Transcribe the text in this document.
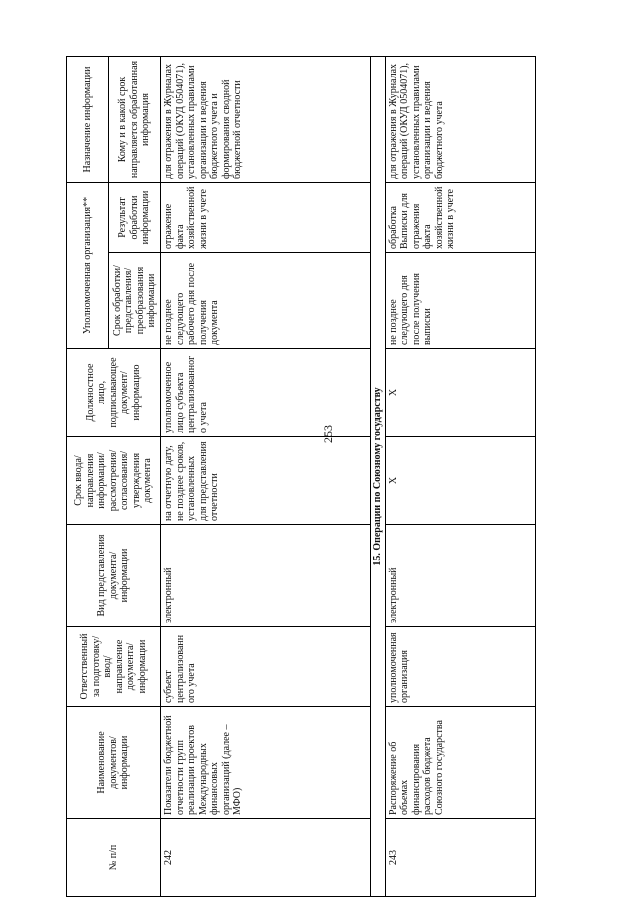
253
№ п/п	Наименование документов/информации	Ответственный за подготовку/ ввод/ направление документа/ информации	Вид представления документа/ информации	Срок ввода/ направления информации/ рассмотрения/ согласования/ утверждения документа	Должностное лицо, подписывающее документ/ информацию	Уполномоченная организация**		Назначение информации
						Срок обработки/ представления/ преобразования информации	Результат обработки информации	Кому и в какой срок направляется обработанная информация
242	Показатели бюджетной отчетности групп реализации проектов Международных финансовых организаций (далее – МФО)	субъект централизованного учета	электронный	на отчетную дату, не позднее сроков, установленных для представления отчетности	уполномоченное лицо субъекта централизованного учета	не позднее следующего рабочего дня после получения документа	отражение факта хозяйственной жизни в учете	для отражения в Журналах операций (ОКУД 0504071), установленных правилами организации и ведения бюджетного учета и формирования сводной бюджетной отчетности
15. Операции по Союзному государству								
243	Распоряжение об объемах финансирования расходов бюджета Союзного государства	уполномоченная организация	электронный	X	X	не позднее следующего дня после получения выписки	обработка Выписки для отражения факта хозяйственной жизни в учете	для отражения в Журналах операций (ОКУД 0504071), установленных правилами организации и ведения бюджетного учета
